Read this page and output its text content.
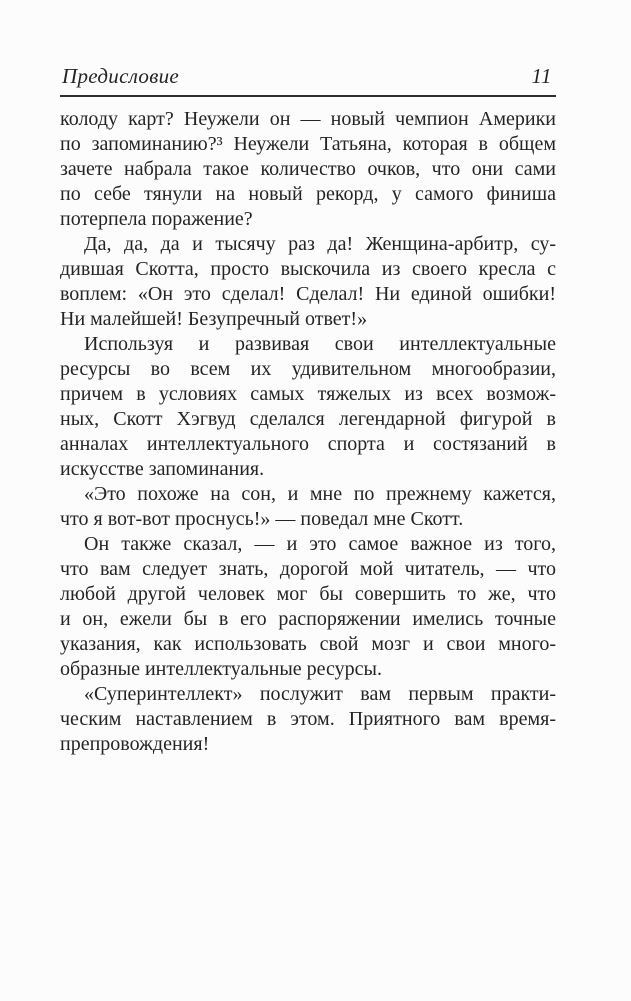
Предисловие	11
колоду карт? Неужели он — новый чемпион Америки
по запоминанию?³ Неужели Татьяна, которая в общем
зачете набрала такое количество очков, что они сами
по себе тянули на новый рекорд, у самого финиша
потерпела поражение?
Да, да, да и тысячу раз да! Женщина-арбитр, су-
дившая Скотта, просто выскочила из своего кресла с
воплем: «Он это сделал! Сделал! Ни единой ошибки!
Ни малейшей! Безупречный ответ!»
Используя и развивая свои интеллектуальные
ресурсы во всем их удивительном многообразии,
причем в условиях самых тяжелых из всех возмож-
ных, Скотт Хэгвуд сделался легендарной фигурой в
анналах интеллектуального спорта и состязаний в
искусстве запоминания.
«Это похоже на сон, и мне по прежнему кажется,
что я вот-вот проснусь!» — поведал мне Скотт.
Он также сказал, — и это самое важное из того,
что вам следует знать, дорогой мой читатель, — что
любой другой человек мог бы совершить то же, что
и он, ежели бы в его распоряжении имелись точные
указания, как использовать свой мозг и свои много-
образные интеллектуальные ресурсы.
«Суперинтеллект» послужит вам первым практи-
ческим наставлением в этом. Приятного вам время-
препровождения!
